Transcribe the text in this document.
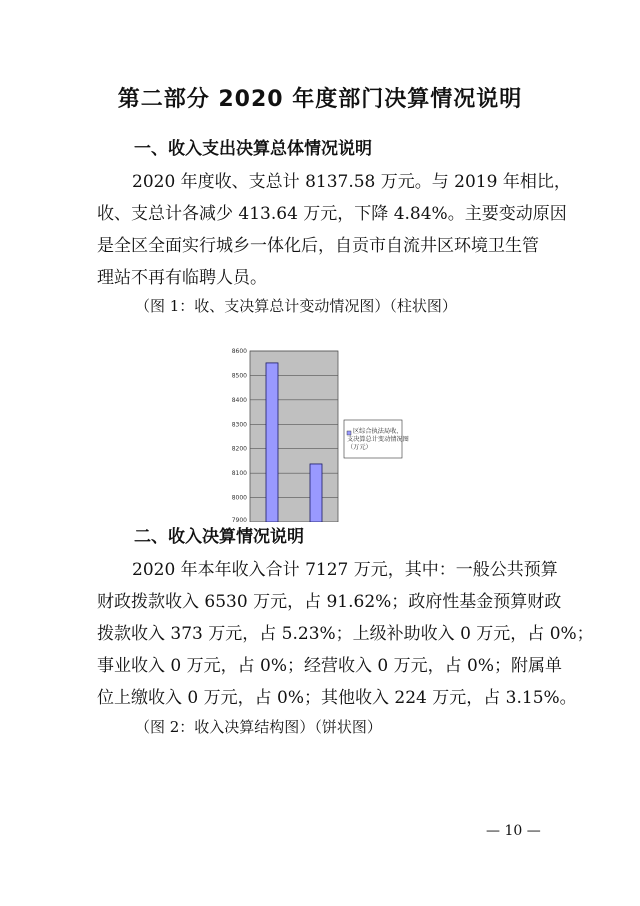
第二部分 2020 年度部门决算情况说明
一、收入支出决算总体情况说明
2020 年度收、支总计 8137.58 万元。与 2019 年相比，
收、支总计各减少 413.64 万元，下降 4.84%。主要变动原因
是全区全面实行城乡一体化后，自贡市自流井区环境卫生管
理站不再有临聘人员。
（图 1：收、支决算总计变动情况图）（柱状图）
8600
8500
8400
8300
8200
8100
8000
7900
区综合执法局收、
支决算总计变动情况图
（万元）
二、收入决算情况说明
2020 年本年收入合计 7127 万元，其中：一般公共预算
财政拨款收入 6530 万元，占 91.62%；政府性基金预算财政
拨款收入 373 万元，占 5.23%；上级补助收入 0 万元，占 0%；
事业收入 0 万元，占 0%；经营收入 0 万元，占 0%；附属单
位上缴收入 0 万元，占 0%；其他收入 224 万元，占 3.15%。
（图 2：收入决算结构图）（饼状图）
— 10 —
